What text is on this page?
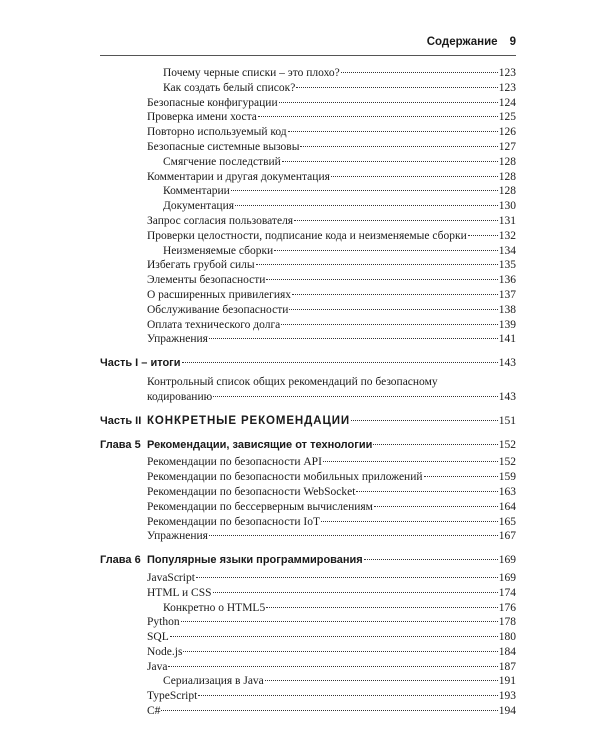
Содержание 9
Почему черные списки – это плохо?	123
Как создать белый список?	123
Безопасные конфигурации	124
Проверка имени хоста	125
Повторно используемый код	126
Безопасные системные вызовы	127
Смягчение последствий	128
Комментарии и другая документация	128
Комментарии	128
Документация	130
Запрос согласия пользователя	131
Проверки целостности, подписание кода и неизменяемые сборки	132
Неизменяемые сборки	134
Избегать грубой силы	135
Элементы безопасности	136
О расширенных привилегиях	137
Обслуживание безопасности	138
Оплата технического долга	139
Упражнения	141
Часть I – итоги	143
Контрольный список общих рекомендаций по безопасному
кодированию	143
Часть II КОНКРЕТНЫЕ РЕКОМЕНДАЦИИ	151
Глава 5 Рекомендации, зависящие от технологии	152
Рекомендации по безопасности API	152
Рекомендации по безопасности мобильных приложений	159
Рекомендации по безопасности WebSocket	163
Рекомендации по бессерверным вычислениям	164
Рекомендации по безопасности IoT	165
Упражнения	167
Глава 6 Популярные языки программирования	169
JavaScript	169
HTML и CSS	174
Конкретно о HTML5	176
Python	178
SQL	180
Node.js	184
Java	187
Сериализация в Java	191
TypeScript	193
C#	194
